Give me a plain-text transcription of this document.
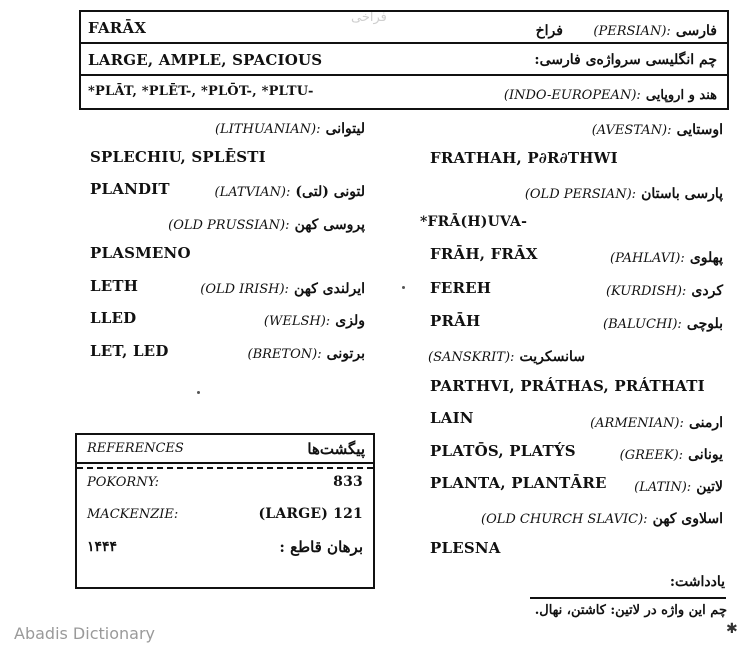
فراخی
FARĀX	فراخ (PERSIAN): فارسی
LARGE, AMPLE, SPACIOUS	چم انگلیسی سرواژه‌ی فارسی:
*PLĀT, *PLĒT-, *PLŌT-, *PLTU-	(INDO-EUROPEAN): هند و اروپایی
(LITHUANIAN): لیتوانی
SPLECHIU, SPLĒSTI
PLANDIT	(LATVIAN): لتونی (لتی)
(OLD PRUSSIAN): پروسی کهن
PLASMENO
LETH	(OLD IRISH): ایرلندی کهن
LLED	(WELSH): ولزی
LET, LED	(BRETON): برتونی
REFERENCES	پیگشت‌ها
POKORNY:	833
MACKENZIE:	(LARGE) 121
۱۴۴۴	برهان قاطع :
(AVESTAN): اوستایی
FRATHAH, P∂R∂THWI
(OLD PERSIAN): پارسی باستان
*FRĀ(H)UVA-
FRĀH, FRĀX	(PAHLAVI): پهلوی
FEREH	(KURDISH): کردی
PRĀH	(BALUCHI): بلوچی
(SANSKRIT): سانسکریت
PARTHVI, PRÁTHAS, PRÁTHATI
LAIN	(ARMENIAN): ارمنی
PLATŌS, PLATÝS	(GREEK): یونانی
PLANTA, PLANTĀRE (LATIN): لاتین
(OLD CHURCH SLAVIC): اسلاوی کهن
PLESNA
یادداشت:
چم این واژه در لاتین: کاشتن، نهال.
✱
Abadis Dictionary
